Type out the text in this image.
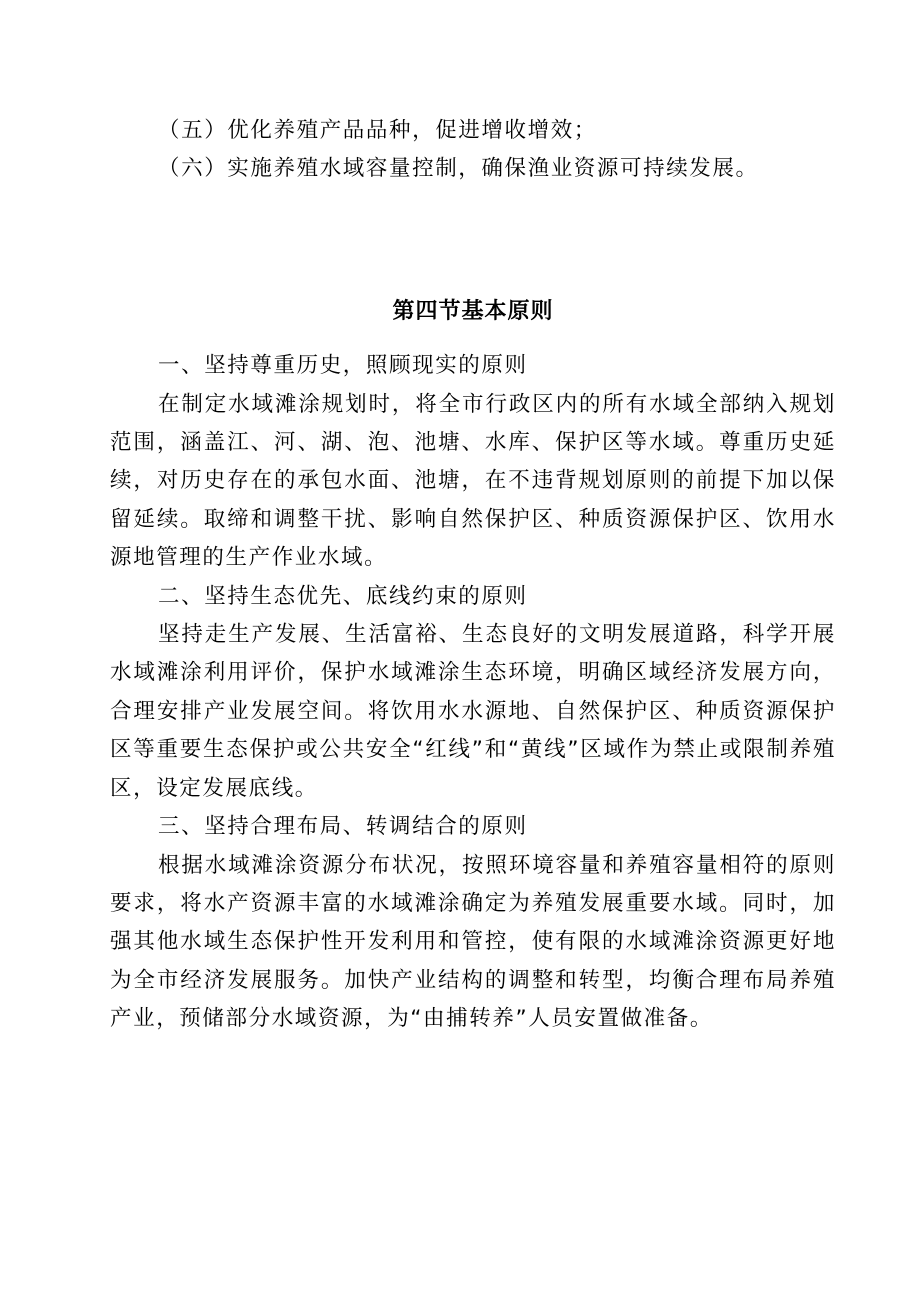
（五）优化养殖产品品种，促进增收增效；

（六）实施养殖水域容量控制，确保渔业资源可持续发展。

第四节基本原则

一、坚持尊重历史，照顾现实的原则

在制定水域滩涂规划时，将全市行政区内的所有水域全部纳入规划范围，涵盖江、河、湖、泡、池塘、水库、保护区等水域。尊重历史延续，对历史存在的承包水面、池塘，在不违背规划原则的前提下加以保留延续。取缔和调整干扰、影响自然保护区、种质资源保护区、饮用水源地管理的生产作业水域。

二、坚持生态优先、底线约束的原则

坚持走生产发展、生活富裕、生态良好的文明发展道路，科学开展水域滩涂利用评价，保护水域滩涂生态环境，明确区域经济发展方向，合理安排产业发展空间。将饮用水水源地、自然保护区、种质资源保护区等重要生态保护或公共安全“红线”和“黄线”区域作为禁止或限制养殖区，设定发展底线。

三、坚持合理布局、转调结合的原则

根据水域滩涂资源分布状况，按照环境容量和养殖容量相符的原则要求，将水产资源丰富的水域滩涂确定为养殖发展重要水域。同时，加强其他水域生态保护性开发利用和管控，使有限的水域滩涂资源更好地为全市经济发展服务。加快产业结构的调整和转型，均衡合理布局养殖产业，预储部分水域资源，为“由捕转养”人员安置做准备。
